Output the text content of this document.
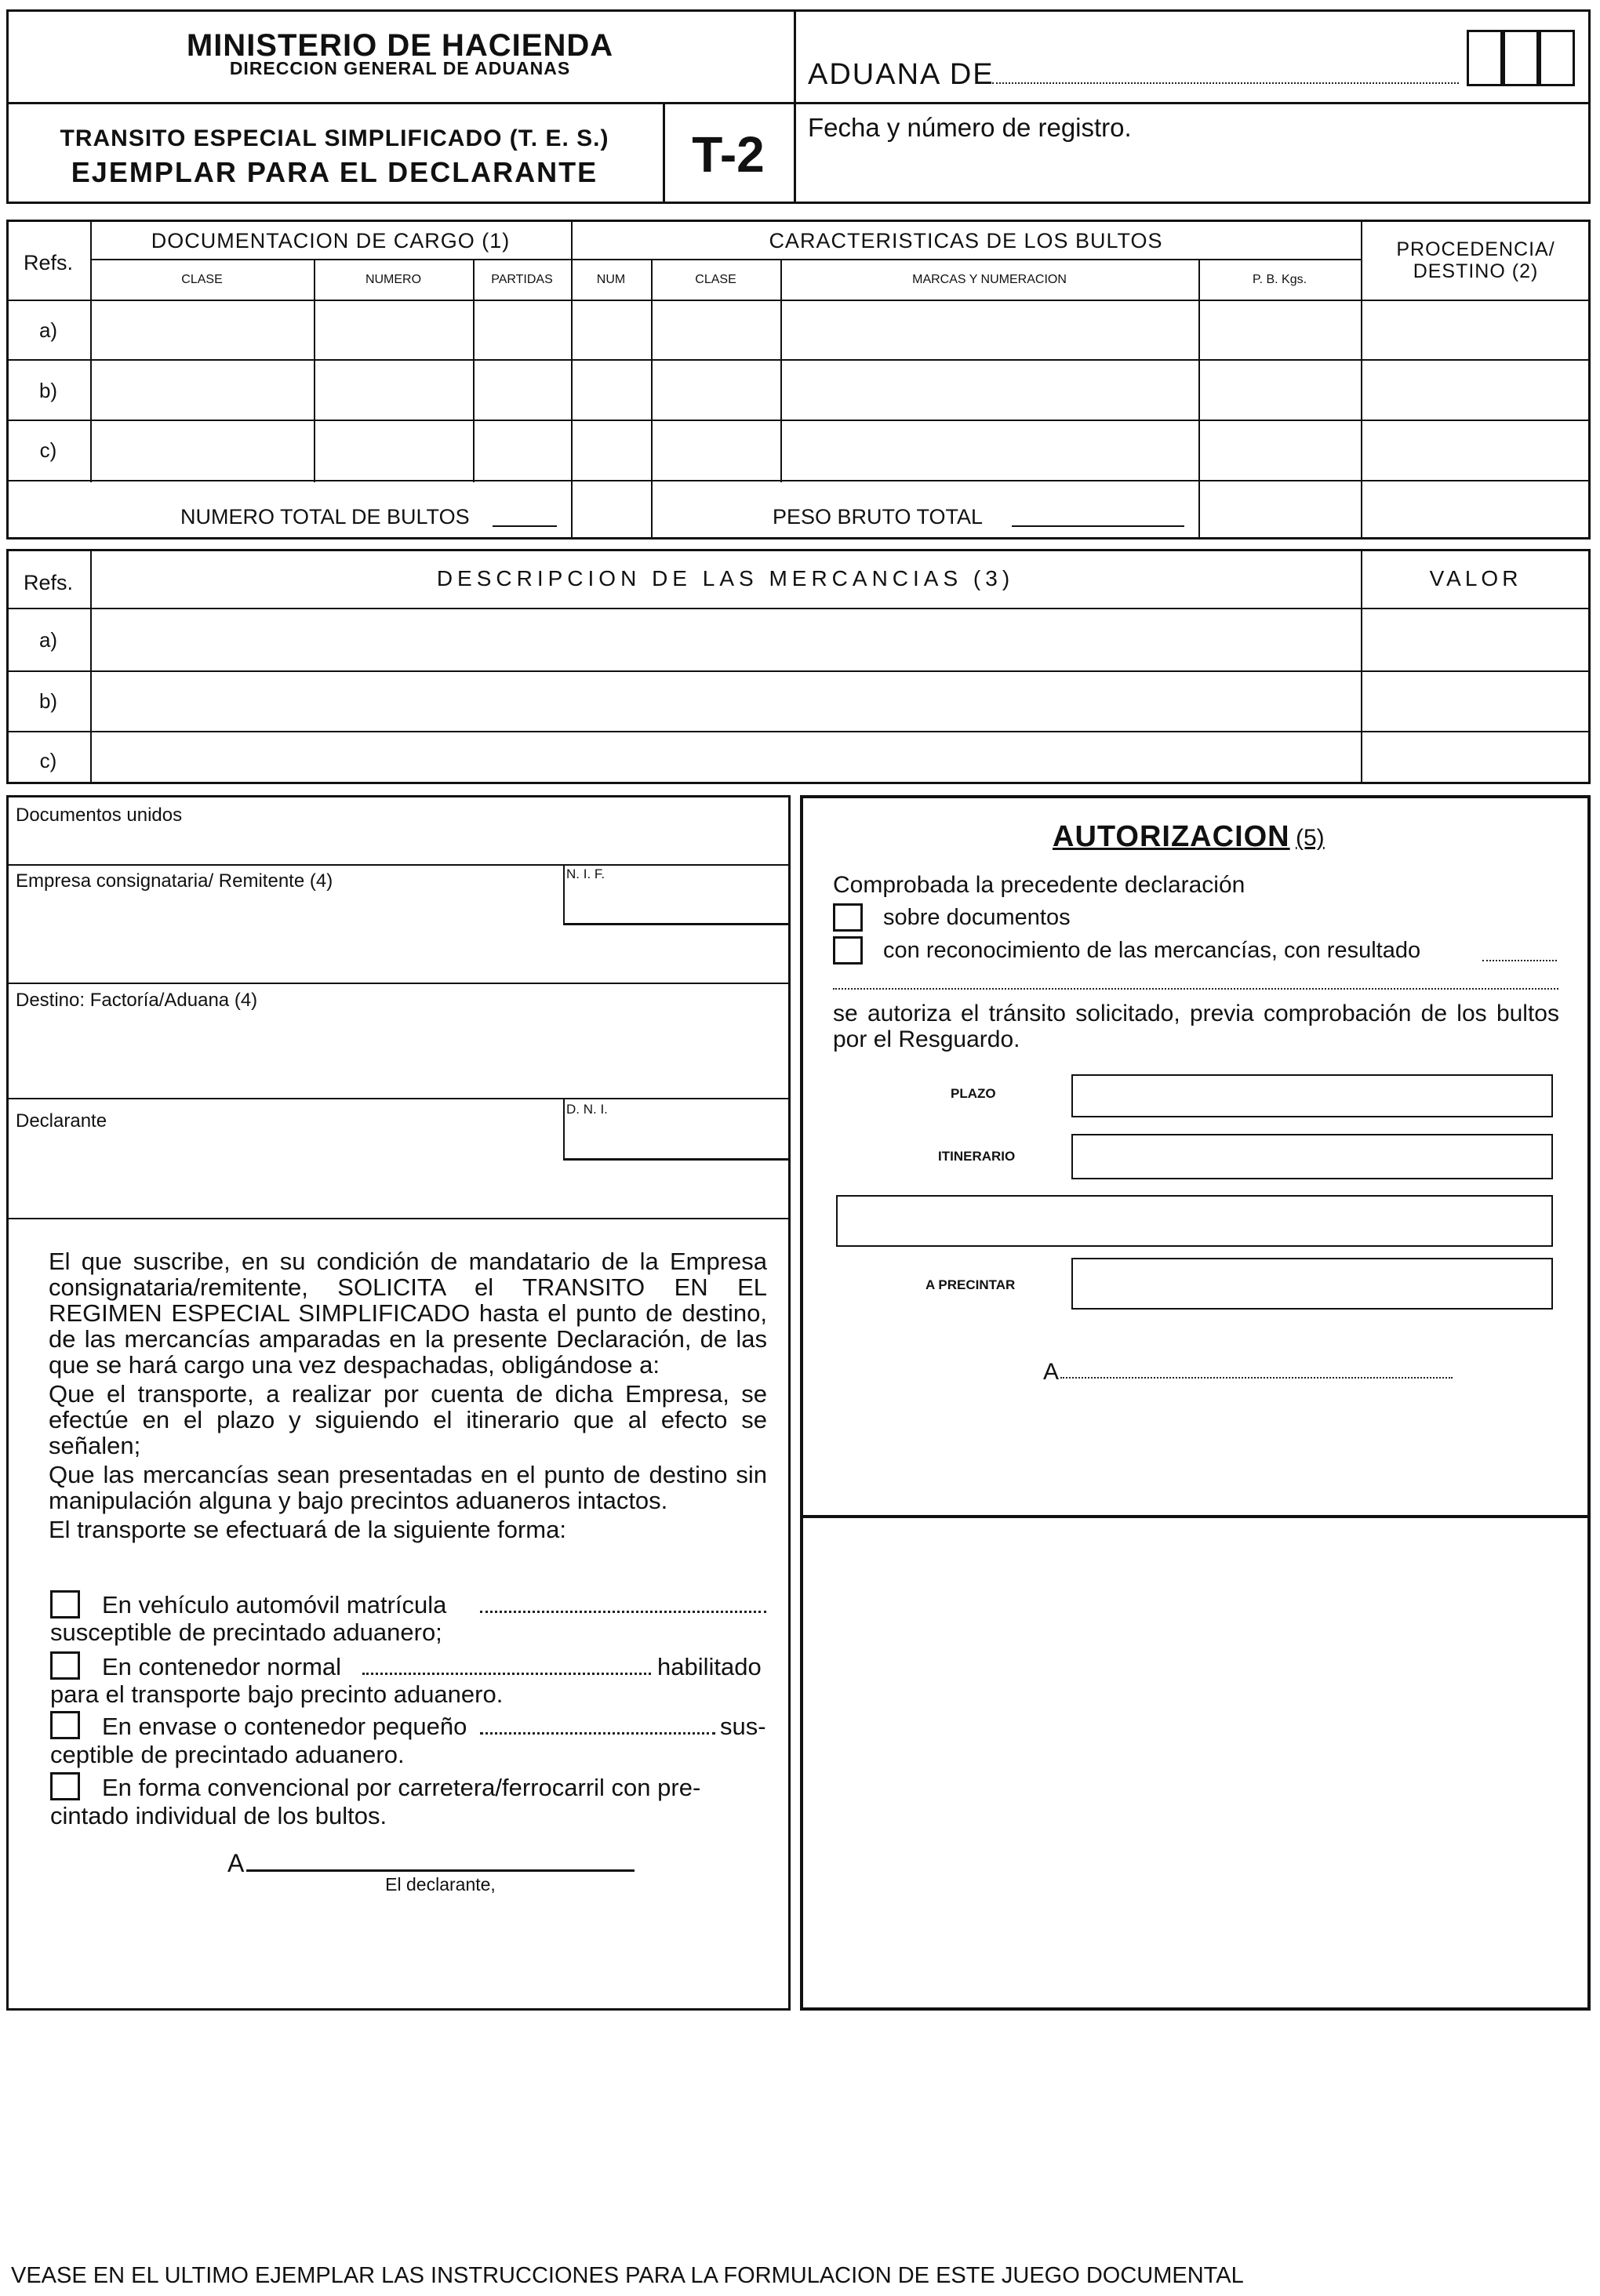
MINISTERIO DE HACIENDA
DIRECCION GENERAL DE ADUANAS	ADUANA DE
TRANSITO ESPECIAL SIMPLIFICADO (T. E. S.)
EJEMPLAR PARA EL DECLARANTE	T-2	Fecha y número de registro.
Refs.
DOCUMENTACION DE CARGO (1)	CARACTERISTICAS DE LOS BULTOS	PROCEDENCIA/
DESTINO (2)
CLASE	NUMERO	PARTIDAS	NUM	CLASE	MARCAS Y NUMERACION	P. B. Kgs.
a)
b)
c)
NUMERO TOTAL DE BULTOS	PESO BRUTO TOTAL
Refs.	DESCRIPCION DE LAS MERCANCIAS (3)	VALOR
a)
b)
c)
Documentos unidos
Empresa consignataria/ Remitente (4)	N. I. F.
Destino: Factoría/Aduana (4)
Declarante
D. N. I.

El que suscribe, en su condición de mandatario de la Empresa consignataria/remitente, SOLICITA el TRANSITO EN EL REGIMEN ESPECIAL SIMPLIFICADO hasta el punto de destino, de las mercancías amparadas en la presente Declaración, de las que se hará cargo una vez despachadas, obligándose a:

Que el transporte, a realizar por cuenta de dicha Empresa, se efectúe en el plazo y siguiendo el itinerario que al efecto se señalen;

Que las mercancías sean presentadas en el punto de destino sin manipulación alguna y bajo precintos aduaneros intactos.

El transporte se efectuará de la siguiente forma:

En vehículo automóvil matrícula
susceptible de precintado aduanero;
En contenedor normal	habilitado
para el transporte bajo precinto aduanero.
En envase o contenedor pequeño	sus-
ceptible de precintado aduanero.
En forma convencional por carretera/ferrocarril con pre-
cintado individual de los bultos.
A
El declarante,
AUTORIZACION (5)
Comprobada la precedente declaración
sobre documentos
con reconocimiento de las mercancías, con resultado
se autoriza el tránsito solicitado, previa comprobación de los bultos por el Resguardo.
PLAZO
ITINERARIO
A PRECINTAR
A
VEASE EN EL ULTIMO EJEMPLAR LAS INSTRUCCIONES PARA LA FORMULACION DE ESTE JUEGO DOCUMENTAL
